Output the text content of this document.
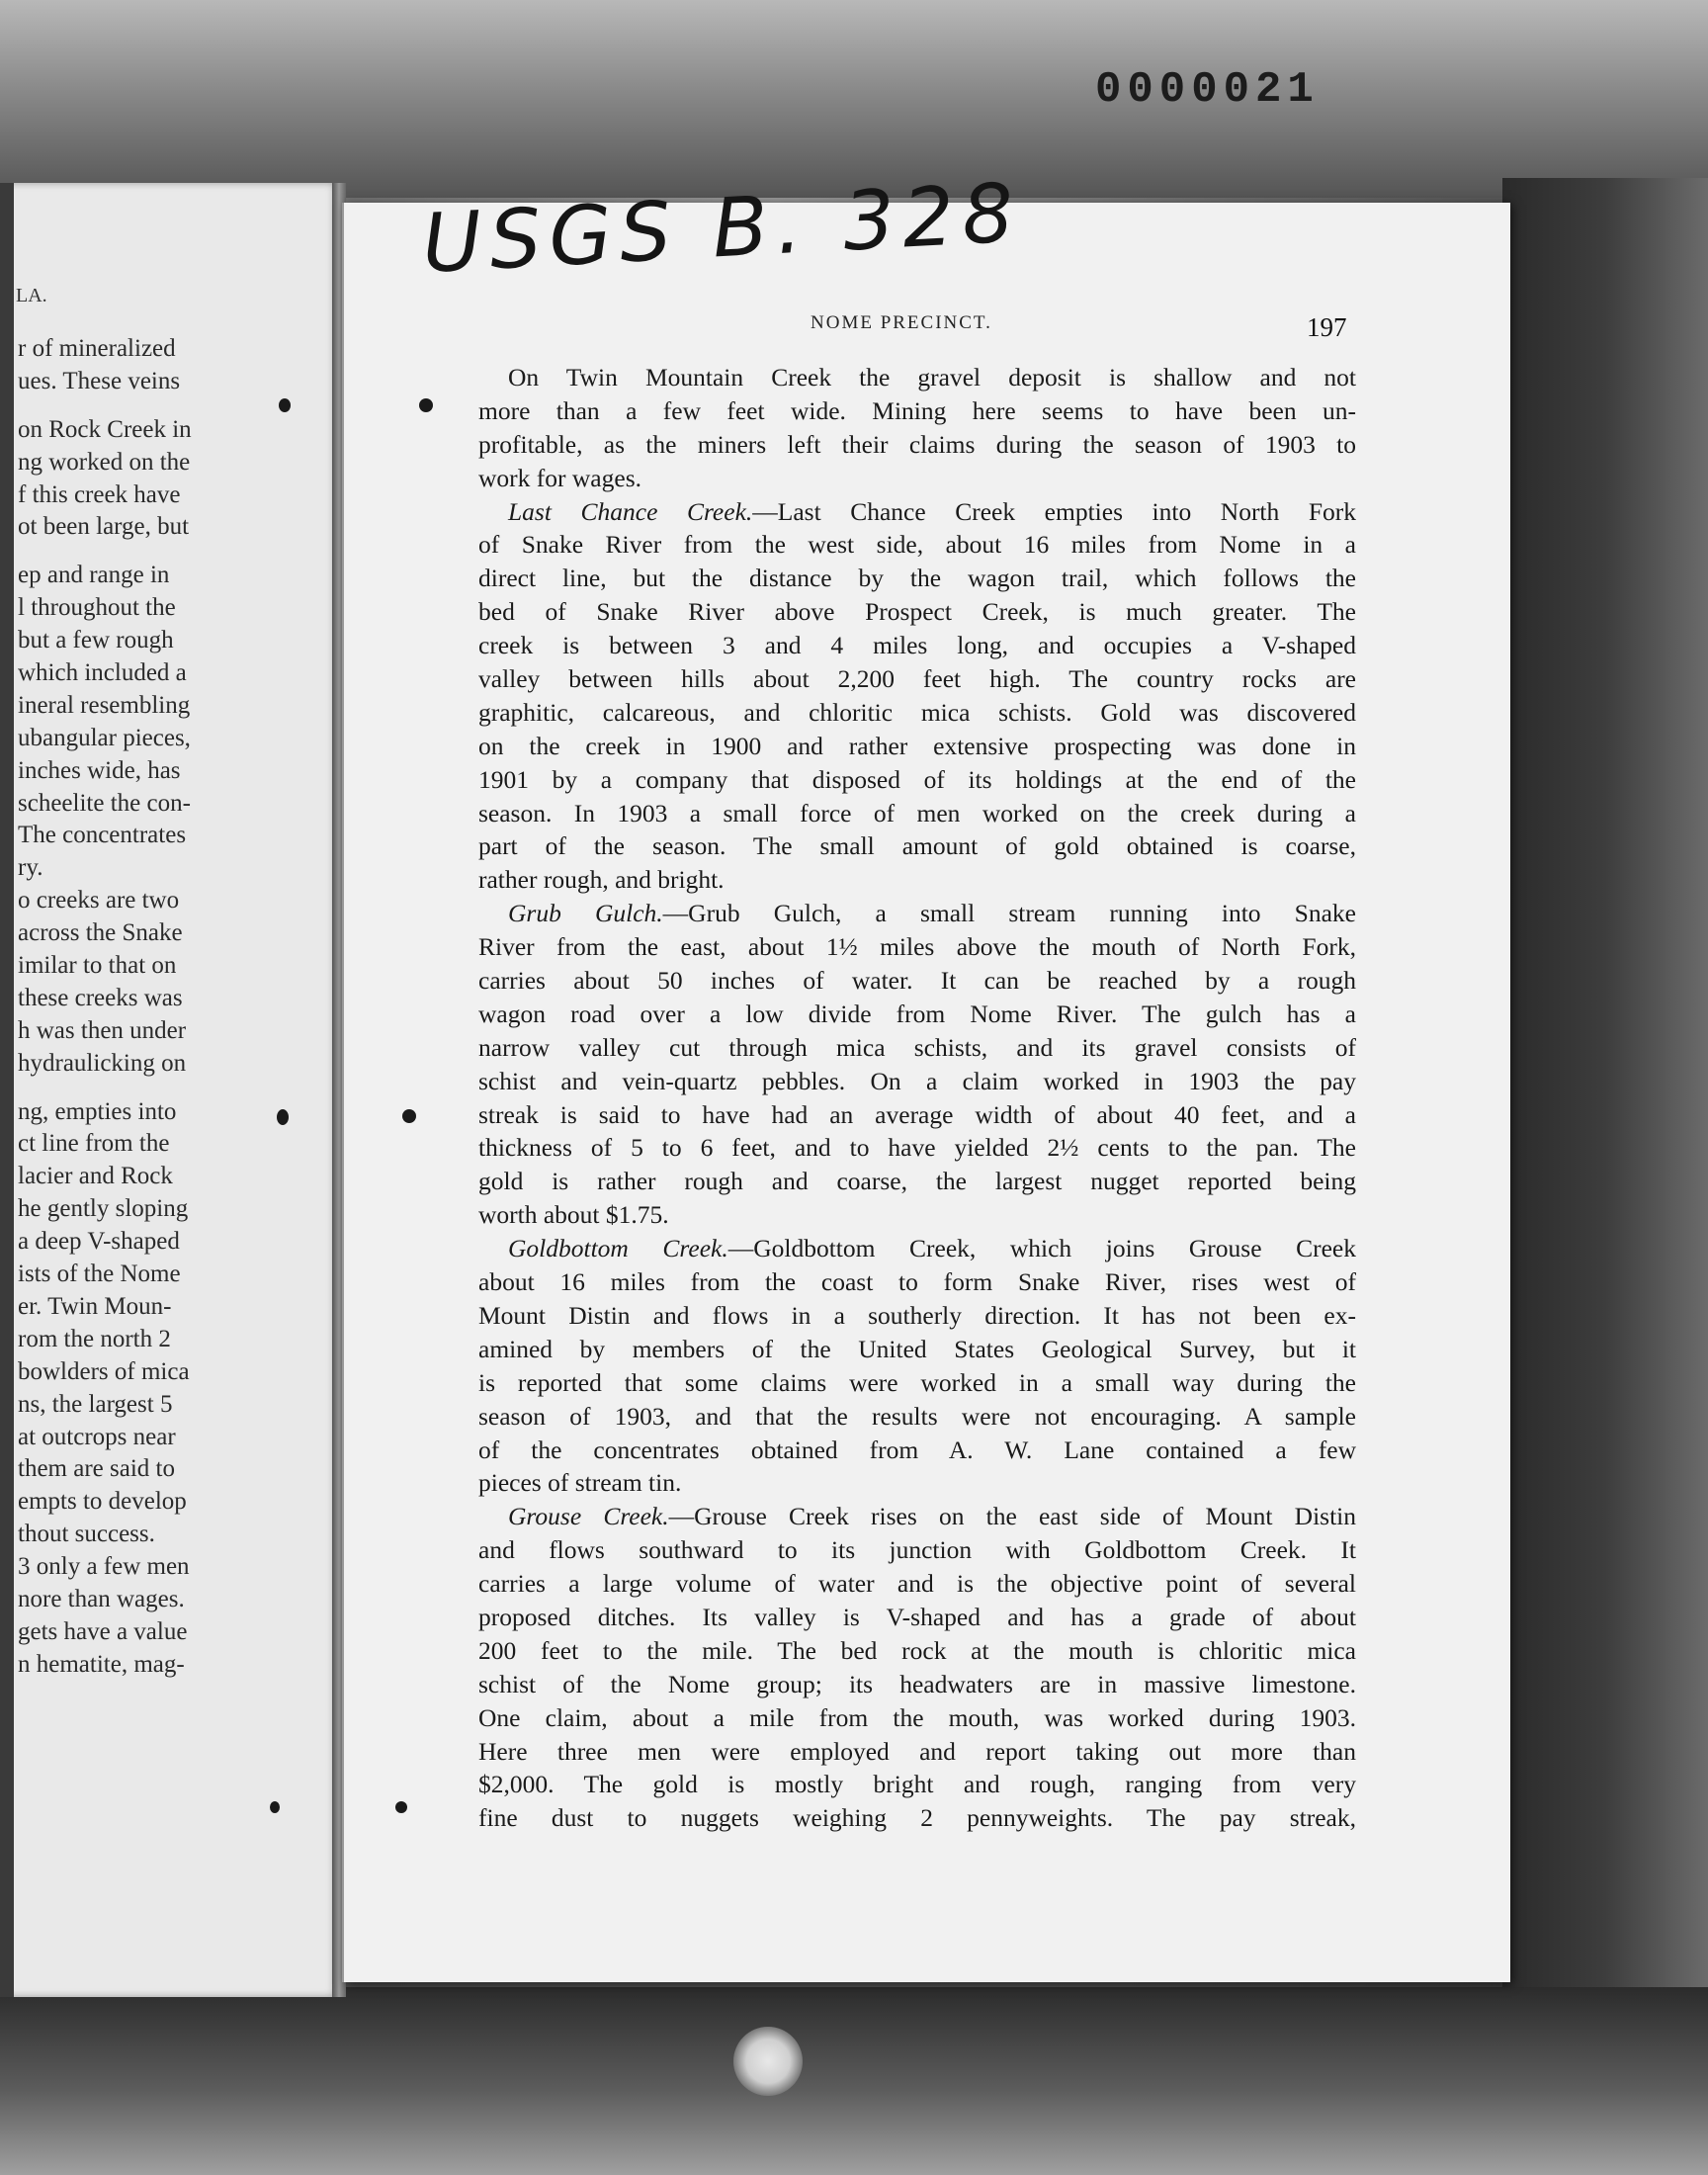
0000021
LA.
r of mineralized
ues. These veins
on Rock Creek in
ng worked on the
f this creek have
ot been large, but
ep and range in
l throughout the
but a few rough
which included a
ineral resembling
ubangular pieces,
inches wide, has
scheelite the con-
The concentrates
ry.
o creeks are two
across the Snake
imilar to that on
these creeks was
h was then under
hydraulicking on
ng, empties into
ct line from the
lacier and Rock
he gently sloping
a deep V-shaped
ists of the Nome
er. Twin Moun-
rom the north 2
bowlders of mica
ns, the largest 5
at outcrops near
them are said to
empts to develop
thout success.
3 only a few men
nore than wages.
gets have a value
n hematite, mag-
USGS B. 328
NOME PRECINCT.	197
On Twin Mountain Creek the gravel deposit is shallow and not
more than a few feet wide. Mining here seems to have been un-
profitable, as the miners left their claims during the season of 1903 to
work for wages.
Last Chance Creek.—Last Chance Creek empties into North Fork
of Snake River from the west side, about 16 miles from Nome in a
direct line, but the distance by the wagon trail, which follows the
bed of Snake River above Prospect Creek, is much greater. The
creek is between 3 and 4 miles long, and occupies a V-shaped
valley between hills about 2,200 feet high. The country rocks are
graphitic, calcareous, and chloritic mica schists. Gold was discovered
on the creek in 1900 and rather extensive prospecting was done in
1901 by a company that disposed of its holdings at the end of the
season. In 1903 a small force of men worked on the creek during a
part of the season. The small amount of gold obtained is coarse,
rather rough, and bright.
Grub Gulch.—Grub Gulch, a small stream running into Snake
River from the east, about 1½ miles above the mouth of North Fork,
carries about 50 inches of water. It can be reached by a rough
wagon road over a low divide from Nome River. The gulch has a
narrow valley cut through mica schists, and its gravel consists of
schist and vein-quartz pebbles. On a claim worked in 1903 the pay
streak is said to have had an average width of about 40 feet, and a
thickness of 5 to 6 feet, and to have yielded 2½ cents to the pan. The
gold is rather rough and coarse, the largest nugget reported being
worth about $1.75.
Goldbottom Creek.—Goldbottom Creek, which joins Grouse Creek
about 16 miles from the coast to form Snake River, rises west of
Mount Distin and flows in a southerly direction. It has not been ex-
amined by members of the United States Geological Survey, but it
is reported that some claims were worked in a small way during the
season of 1903, and that the results were not encouraging. A sample
of the concentrates obtained from A. W. Lane contained a few
pieces of stream tin.
Grouse Creek.—Grouse Creek rises on the east side of Mount Distin
and flows southward to its junction with Goldbottom Creek. It
carries a large volume of water and is the objective point of several
proposed ditches. Its valley is V-shaped and has a grade of about
200 feet to the mile. The bed rock at the mouth is chloritic mica
schist of the Nome group; its headwaters are in massive limestone.
One claim, about a mile from the mouth, was worked during 1903.
Here three men were employed and report taking out more than
$2,000. The gold is mostly bright and rough, ranging from very
fine dust to nuggets weighing 2 pennyweights. The pay streak,
